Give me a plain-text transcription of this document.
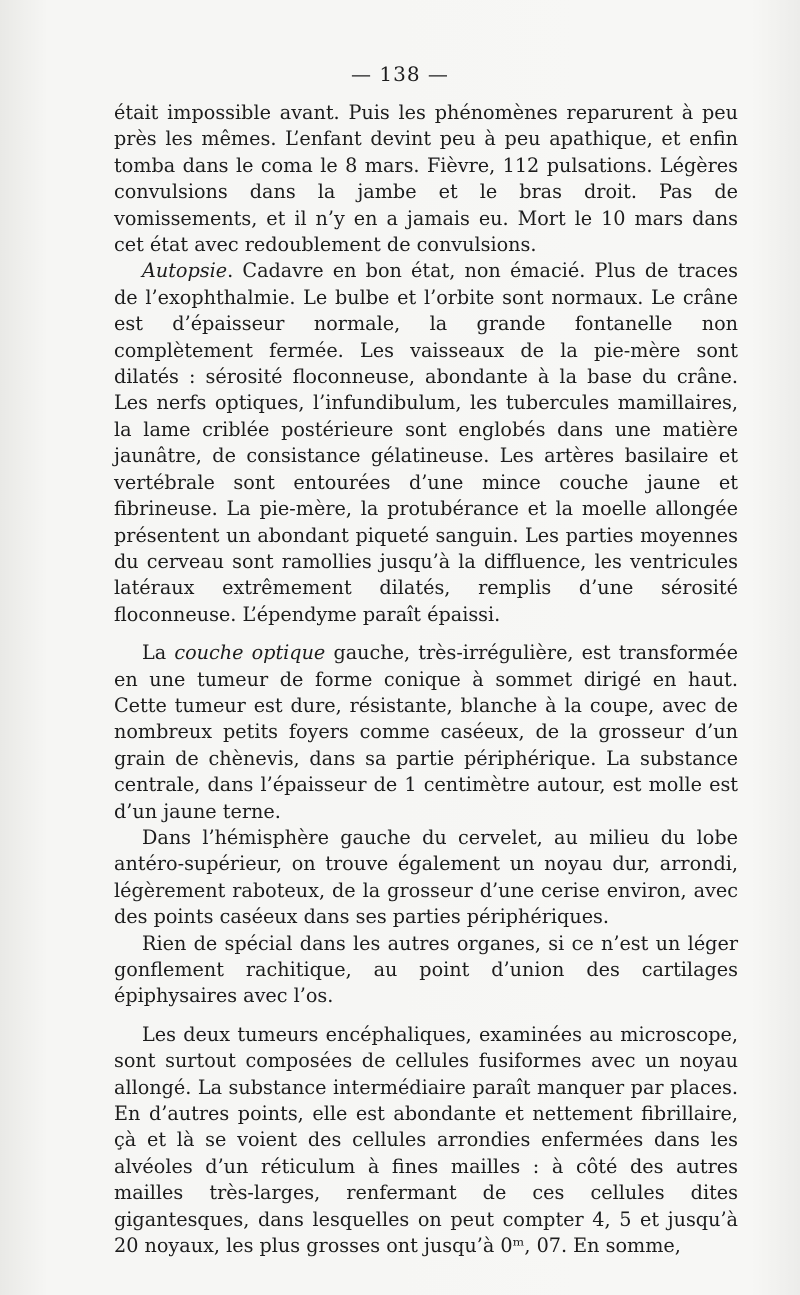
— 138 —

était impossible avant. Puis les phénomènes reparurent à peu près les mêmes. L’enfant devint peu à peu apathique, et enfin tomba dans le coma le 8 mars. Fièvre, 112 pulsations. Légères convulsions dans la jambe et le bras droit. Pas de vomissements, et il n’y en a jamais eu. Mort le 10 mars dans cet état avec redoublement de convulsions.

Autopsie. Cadavre en bon état, non émacié. Plus de traces de l’exophthalmie. Le bulbe et l’orbite sont normaux. Le crâne est d’épaisseur normale, la grande fontanelle non complètement fermée. Les vaisseaux de la pie-mère sont dilatés : sérosité floconneuse, abondante à la base du crâne. Les nerfs optiques, l’infundibulum, les tubercules mamillaires, la lame criblée postérieure sont englobés dans une matière jaunâtre, de consistance gélatineuse. Les artères basilaire et vertébrale sont entourées d’une mince couche jaune et fibrineuse. La pie-mère, la protubérance et la moelle allongée présentent un abondant piqueté sanguin. Les parties moyennes du cerveau sont ramollies jusqu’à la diffluence, les ventricules latéraux extrêmement dilatés, remplis d’une sérosité floconneuse. L’épendyme paraît épaissi.

La couche optique gauche, très-irrégulière, est transformée en une tumeur de forme conique à sommet dirigé en haut. Cette tumeur est dure, résistante, blanche à la coupe, avec de nombreux petits foyers comme caséeux, de la grosseur d’un grain de chènevis, dans sa partie périphérique. La substance centrale, dans l’épaisseur de 1 centimètre autour, est molle est d’un jaune terne.

Dans l’hémisphère gauche du cervelet, au milieu du lobe antéro-supérieur, on trouve également un noyau dur, arrondi, légèrement raboteux, de la grosseur d’une cerise environ, avec des points caséeux dans ses parties périphériques.

Rien de spécial dans les autres organes, si ce n’est un léger gonflement rachitique, au point d’union des cartilages épiphysaires avec l’os.

Les deux tumeurs encéphaliques, examinées au microscope, sont surtout composées de cellules fusiformes avec un noyau allongé. La substance intermédiaire paraît manquer par places. En d’autres points, elle est abondante et nettement fibrillaire, çà et là se voient des cellules arrondies enfermées dans les alvéoles d’un réticulum à fines mailles : à côté des autres mailles très-larges, renfermant de ces cellules dites gigantesques, dans lesquelles on peut compter 4, 5 et jusqu’à 20 noyaux, les plus grosses ont jusqu’à 0ᵐ, 07. En somme,
